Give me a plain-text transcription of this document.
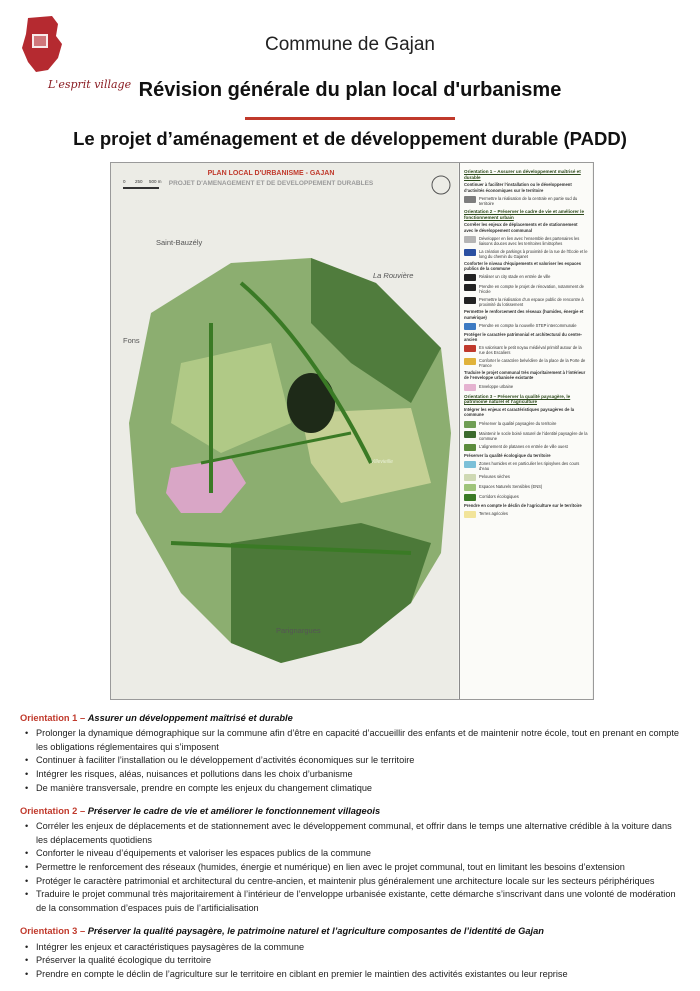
Gajan
L'esprit village
Commune de Gajan
Révision générale du plan local d'urbanisme
Le projet d’aménagement et de développement durable (PADD)
PLAN LOCAL D'URBANISME - GAJAN
PROJET D'AMENAGEMENT ET DE DEVELOPPEMENT DURABLES
0 250 500 m
Saint-Bauzély
La Rouvière
Fons
Parignargues
Villevieille
Orientation 1 – Assurer un développement maîtrisé et durable
Continuer à faciliter l’installation ou le développement d’activités économiques sur le territoire
Permettre la réalisation de la centrale en partie sud du territoire
Orientation 2 – Préserver le cadre de vie et améliorer le fonctionnement urbain
Corréler les enjeux de déplacements et de stationnement avec le développement communal
Développer en lien avec l’ensemble des partenaires les liaisons douces avec les territoires limitrophes
La création de parkings à proximité de la rue de l’École et le long du chemin du Gajanet
Conforter le niveau d’équipements et valoriser les espaces publics de la commune
Réaliser un city stade en entrée de ville
Prendre en compte le projet de rénovation, notamment de l’école
Permettre la réalisation d’un espace public de rencontre à proximité du lotissement
Permettre le renforcement des réseaux (humides, énergie et numérique)
Prendre en compte la nouvelle STEP intercommunale
Protéger le caractère patrimonial et architectural du centre-ancien
En valorisant le petit noyau médiéval primitif autour de la rue des Escaliers
Conforter le caractère belvédère de la place de la Porte de France
Traduire le projet communal très majoritairement à l’intérieur de l’enveloppe urbanisée existante
Enveloppe urbaine
Orientation 3 – Préserver la qualité paysagère, le patrimoine naturel et l’agriculture
Intégrer les enjeux et caractéristiques paysagères de la commune
Préserver la qualité paysagère du territoire
Maintenir le socle boisé naturel de l’identité paysagère de la commune
L’alignement de platanes en entrée de ville ouest
Préserver la qualité écologique du territoire
Zones humides et en particulier les ripisylves des cours d’eau
Pelouses sèches
Espaces Naturels Sensibles (ENS)
Corridors écologiques
Prendre en compte le déclin de l’agriculture sur le territoire
Terres agricoles
Orientation 1 – Assurer un développement maîtrisé et durable
• Prolonger la dynamique démographique sur la commune afin d’être en capacité d’accueillir des enfants et de maintenir notre école, tout en prenant en compte les obligations réglementaires qui s’imposent
• Continuer à faciliter l’installation ou le développement d’activités économiques sur le territoire
• Intégrer les risques, aléas, nuisances et pollutions dans les choix d’urbanisme
• De manière transversale, prendre en compte les enjeux du changement climatique
Orientation 2 – Préserver le cadre de vie et améliorer le fonctionnement villageois
• Corréler les enjeux de déplacements et de stationnement avec le développement communal, et offrir dans le temps une alternative crédible à la voiture dans les déplacements quotidiens
• Conforter le niveau d’équipements et valoriser les espaces publics de la commune
• Permettre le renforcement des réseaux (humides, énergie et numérique) en lien avec le projet communal, tout en limitant les besoins d’extension
• Protéger le caractère patrimonial et architectural du centre-ancien, et maintenir plus généralement une architecture locale sur les secteurs périphériques
• Traduire le projet communal très majoritairement à l’intérieur de l’enveloppe urbanisée existante, cette démarche s’inscrivant dans une volonté de modération de la consommation d’espaces puis de l’artificialisation
Orientation 3 – Préserver la qualité paysagère, le patrimoine naturel et l’agriculture composantes de l’identité de Gajan
• Intégrer les enjeux et caractéristiques paysagères de la commune
• Préserver la qualité écologique du territoire
• Prendre en compte le déclin de l’agriculture sur le territoire en ciblant en premier le maintien des activités existantes ou leur reprise
